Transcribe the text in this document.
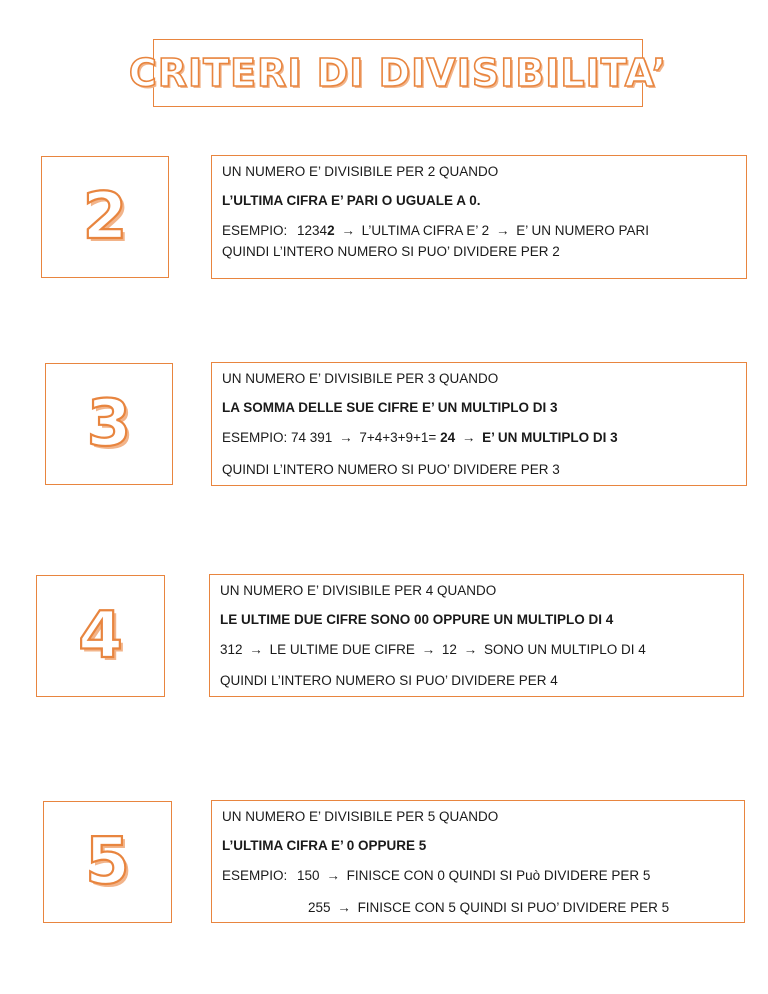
CRITERI DI DIVISIBILITA’
2
UN NUMERO E’ DIVISIBILE PER 2 QUANDO
L’ULTIMA CIFRA E’ PARI O UGUALE A 0.
ESEMPIO: 12342 → L’ULTIMA CIFRA E’ 2 → E’ UN NUMERO PARI
QUINDI L’INTERO NUMERO SI PUO’ DIVIDERE PER 2
3
UN NUMERO E’ DIVISIBILE PER 3 QUANDO
LA SOMMA DELLE SUE CIFRE E’ UN MULTIPLO DI 3
ESEMPIO: 74 391 → 7+4+3+9+1= 24 → E’ UN MULTIPLO DI 3
QUINDI L’INTERO NUMERO SI PUO’ DIVIDERE PER 3
4
UN NUMERO E’ DIVISIBILE PER 4 QUANDO
LE ULTIME DUE CIFRE SONO 00 OPPURE UN MULTIPLO DI 4
312 → LE ULTIME DUE CIFRE → 12 → SONO UN MULTIPLO DI 4
QUINDI L’INTERO NUMERO SI PUO’ DIVIDERE PER 4
5
UN NUMERO E’ DIVISIBILE PER 5 QUANDO
L’ULTIMA CIFRA E’ 0 OPPURE 5
ESEMPIO: 150 → FINISCE CON 0 QUINDI SI Può DIVIDERE PER 5
255 → FINISCE CON 5 QUINDI SI PUO’ DIVIDERE PER 5
